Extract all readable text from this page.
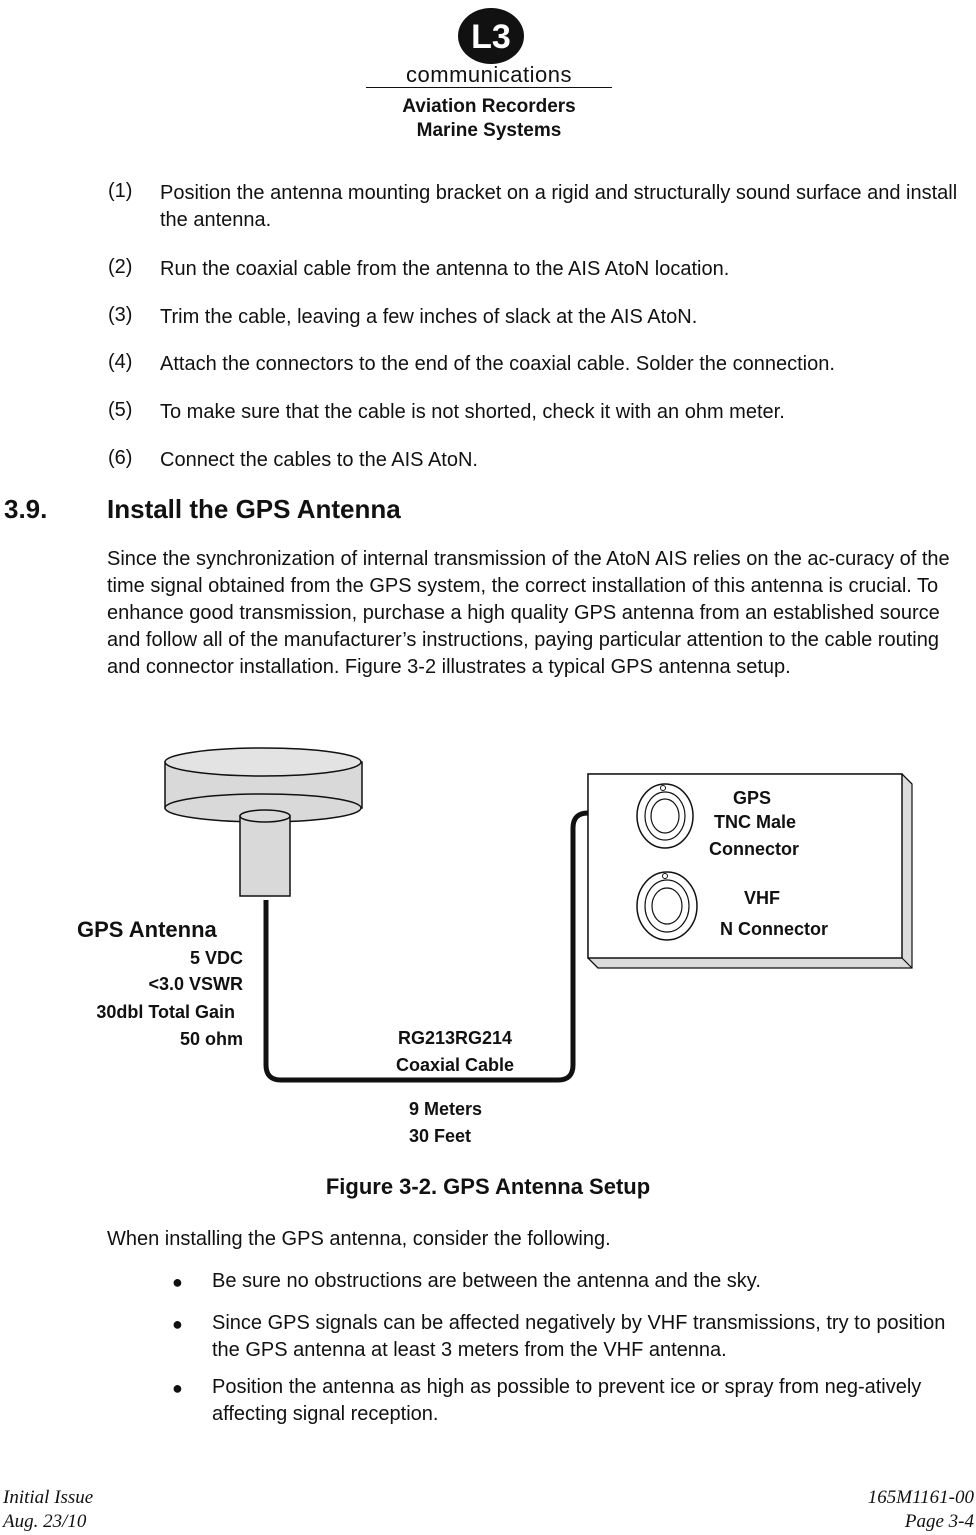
L3
communications
Aviation Recorders
Marine Systems
(1) Position the antenna mounting bracket on a rigid and structurally sound surface and install the antenna.
(2) Run the coaxial cable from the antenna to the AIS AtoN location.
(3) Trim the cable, leaving a few inches of slack at the AIS AtoN.
(4) Attach the connectors to the end of the coaxial cable. Solder the connection.
(5) To make sure that the cable is not shorted, check it with an ohm meter.
(6) Connect the cables to the AIS AtoN.
3.9. Install the GPS Antenna
Since the synchronization of internal transmission of the AtoN AIS relies on the ac-curacy of the time signal obtained from the GPS system, the correct installation of this antenna is crucial. To enhance good transmission, purchase a high quality GPS antenna from an established source and follow all of the manufacturer’s instructions, paying particular attention to the cable routing and connector installation. Figure 3-2 illustrates a typical GPS antenna setup.
GPS Antenna
5 VDC
<3.0 VSWR
30dbl Total Gain
50 ohm	RG213RG214
Coaxial Cable
9 Meters
30 Feet
GPS
TNC Male
Connector
VHF
N Connector
Figure 3-2. GPS Antenna Setup
When installing the GPS antenna, consider the following.
● Be sure no obstructions are between the antenna and the sky.
● Since GPS signals can be affected negatively by VHF transmissions, try to position the GPS antenna at least 3 meters from the VHF antenna.
● Position the antenna as high as possible to prevent ice or spray from neg-atively affecting signal reception.
Initial Issue
Aug. 23/10
165M1161-00
Page 3-4
